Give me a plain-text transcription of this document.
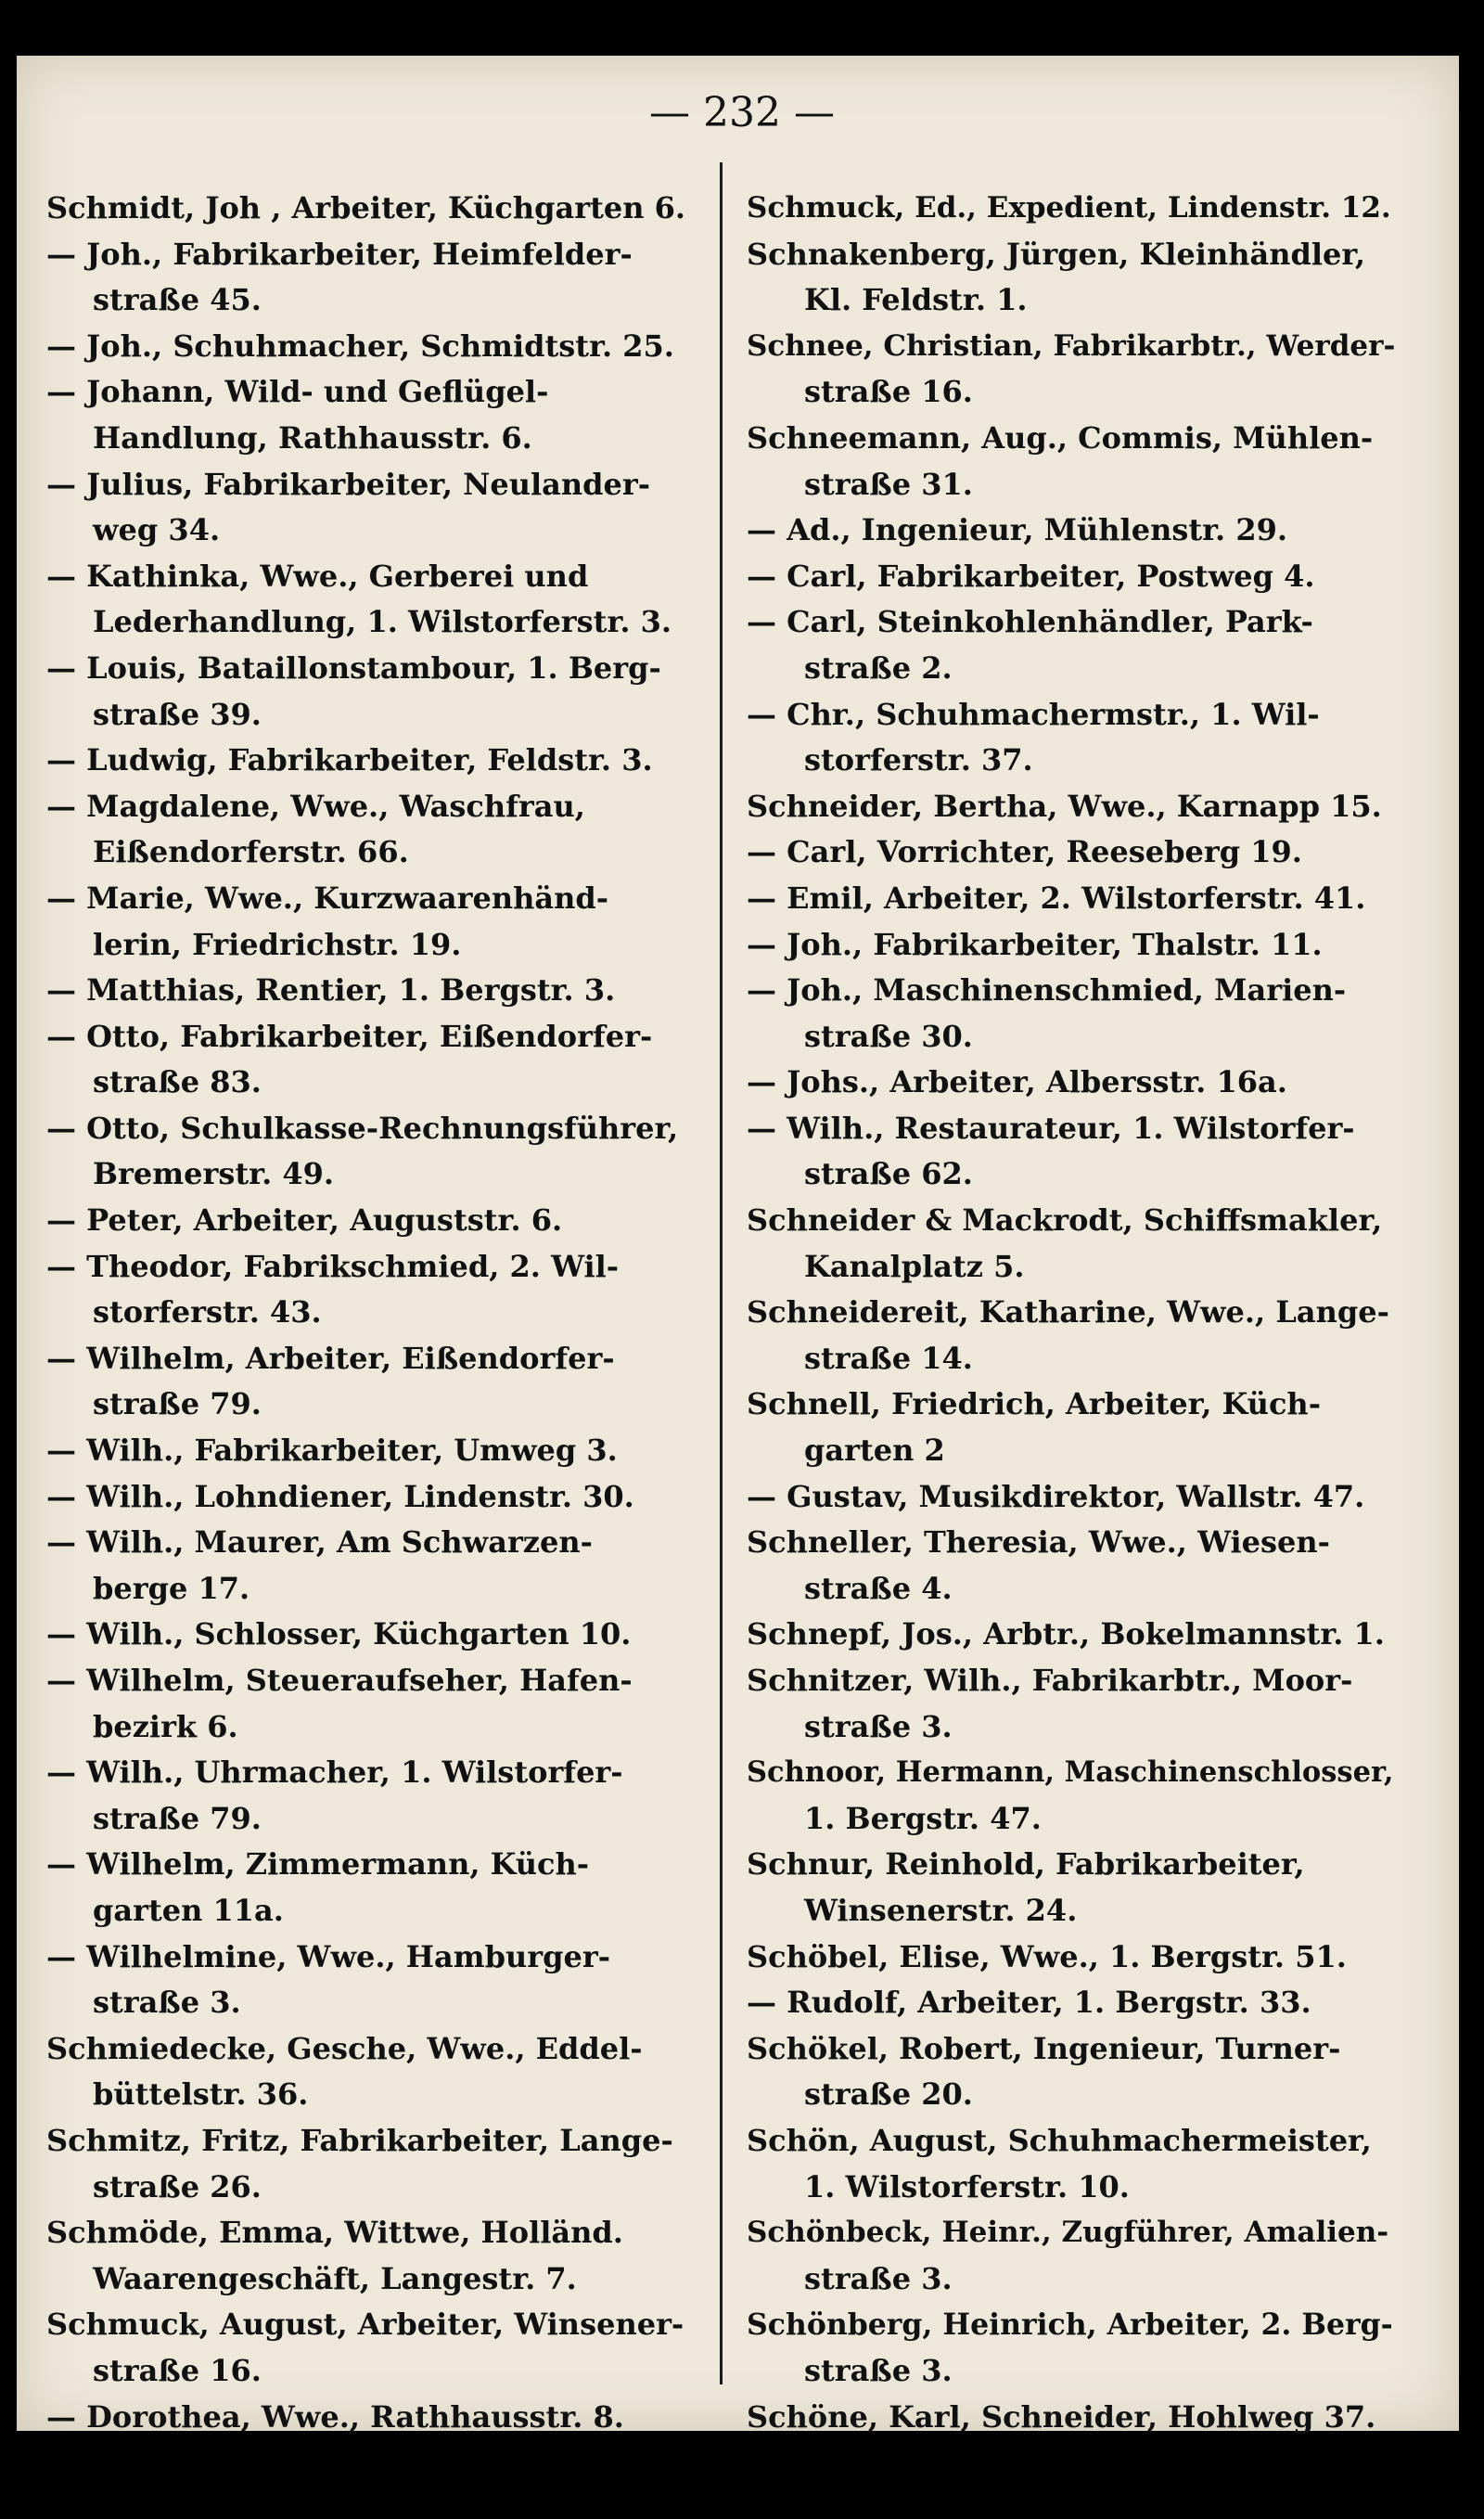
— 232 —
Schmidt, Joh , Arbeiter, Küchgarten 6.
— Joh., Fabrikarbeiter, Heimfelder-
straße 45.
— Joh., Schuhmacher, Schmidtstr. 25.
— Johann, Wild- und Geflügel-
Handlung, Rathhausstr. 6.
— Julius, Fabrikarbeiter, Neulander-
weg 34.
— Kathinka, Wwe., Gerberei und
Lederhandlung, 1. Wilstorferstr. 3.
— Louis, Bataillonstambour, 1. Berg-
straße 39.
— Ludwig, Fabrikarbeiter, Feldstr. 3.
— Magdalene, Wwe., Waschfrau,
Eißendorferstr. 66.
— Marie, Wwe., Kurzwaarenhänd-
lerin, Friedrichstr. 19.
— Matthias, Rentier, 1. Bergstr. 3.
— Otto, Fabrikarbeiter, Eißendorfer-
straße 83.
— Otto, Schulkasse-Rechnungsführer,
Bremerstr. 49.
— Peter, Arbeiter, Auguststr. 6.
— Theodor, Fabrikschmied, 2. Wil-
storferstr. 43.
— Wilhelm, Arbeiter, Eißendorfer-
straße 79.
— Wilh., Fabrikarbeiter, Umweg 3.
— Wilh., Lohndiener, Lindenstr. 30.
— Wilh., Maurer, Am Schwarzen-
berge 17.
— Wilh., Schlosser, Küchgarten 10.
— Wilhelm, Steueraufseher, Hafen-
bezirk 6.
— Wilh., Uhrmacher, 1. Wilstorfer-
straße 79.
— Wilhelm, Zimmermann, Küch-
garten 11a.
— Wilhelmine, Wwe., Hamburger-
straße 3.
Schmiedecke, Gesche, Wwe., Eddel-
büttelstr. 36.
Schmitz, Fritz, Fabrikarbeiter, Lange-
straße 26.
Schmöde, Emma, Wittwe, Holländ.
Waarengeschäft, Langestr. 7.
Schmuck, August, Arbeiter, Winsener-
straße 16.
— Dorothea, Wwe., Rathhausstr. 8.
Schmuck, Ed., Expedient, Lindenstr. 12.
Schnakenberg, Jürgen, Kleinhändler,
Kl. Feldstr. 1.
Schnee, Christian, Fabrikarbtr., Werder-
straße 16.
Schneemann, Aug., Commis, Mühlen-
straße 31.
— Ad., Ingenieur, Mühlenstr. 29.
— Carl, Fabrikarbeiter, Postweg 4.
— Carl, Steinkohlenhändler, Park-
straße 2.
— Chr., Schuhmachermstr., 1. Wil-
storferstr. 37.
Schneider, Bertha, Wwe., Karnapp 15.
— Carl, Vorrichter, Reeseberg 19.
— Emil, Arbeiter, 2. Wilstorferstr. 41.
— Joh., Fabrikarbeiter, Thalstr. 11.
— Joh., Maschinenschmied, Marien-
straße 30.
— Johs., Arbeiter, Albersstr. 16a.
— Wilh., Restaurateur, 1. Wilstorfer-
straße 62.
Schneider & Mackrodt, Schiffsmakler,
Kanalplatz 5.
Schneidereit, Katharine, Wwe., Lange-
straße 14.
Schnell, Friedrich, Arbeiter, Küch-
garten 2
— Gustav, Musikdirektor, Wallstr. 47.
Schneller, Theresia, Wwe., Wiesen-
straße 4.
Schnepf, Jos., Arbtr., Bokelmannstr. 1.
Schnitzer, Wilh., Fabrikarbtr., Moor-
straße 3.
Schnoor, Hermann, Maschinenschlosser,
1. Bergstr. 47.
Schnur, Reinhold, Fabrikarbeiter,
Winsenerstr. 24.
Schöbel, Elise, Wwe., 1. Bergstr. 51.
— Rudolf, Arbeiter, 1. Bergstr. 33.
Schökel, Robert, Ingenieur, Turner-
straße 20.
Schön, August, Schuhmachermeister,
1. Wilstorferstr. 10.
Schönbeck, Heinr., Zugführer, Amalien-
straße 3.
Schönberg, Heinrich, Arbeiter, 2. Berg-
straße 3.
Schöne, Karl, Schneider, Hohlweg 37.
